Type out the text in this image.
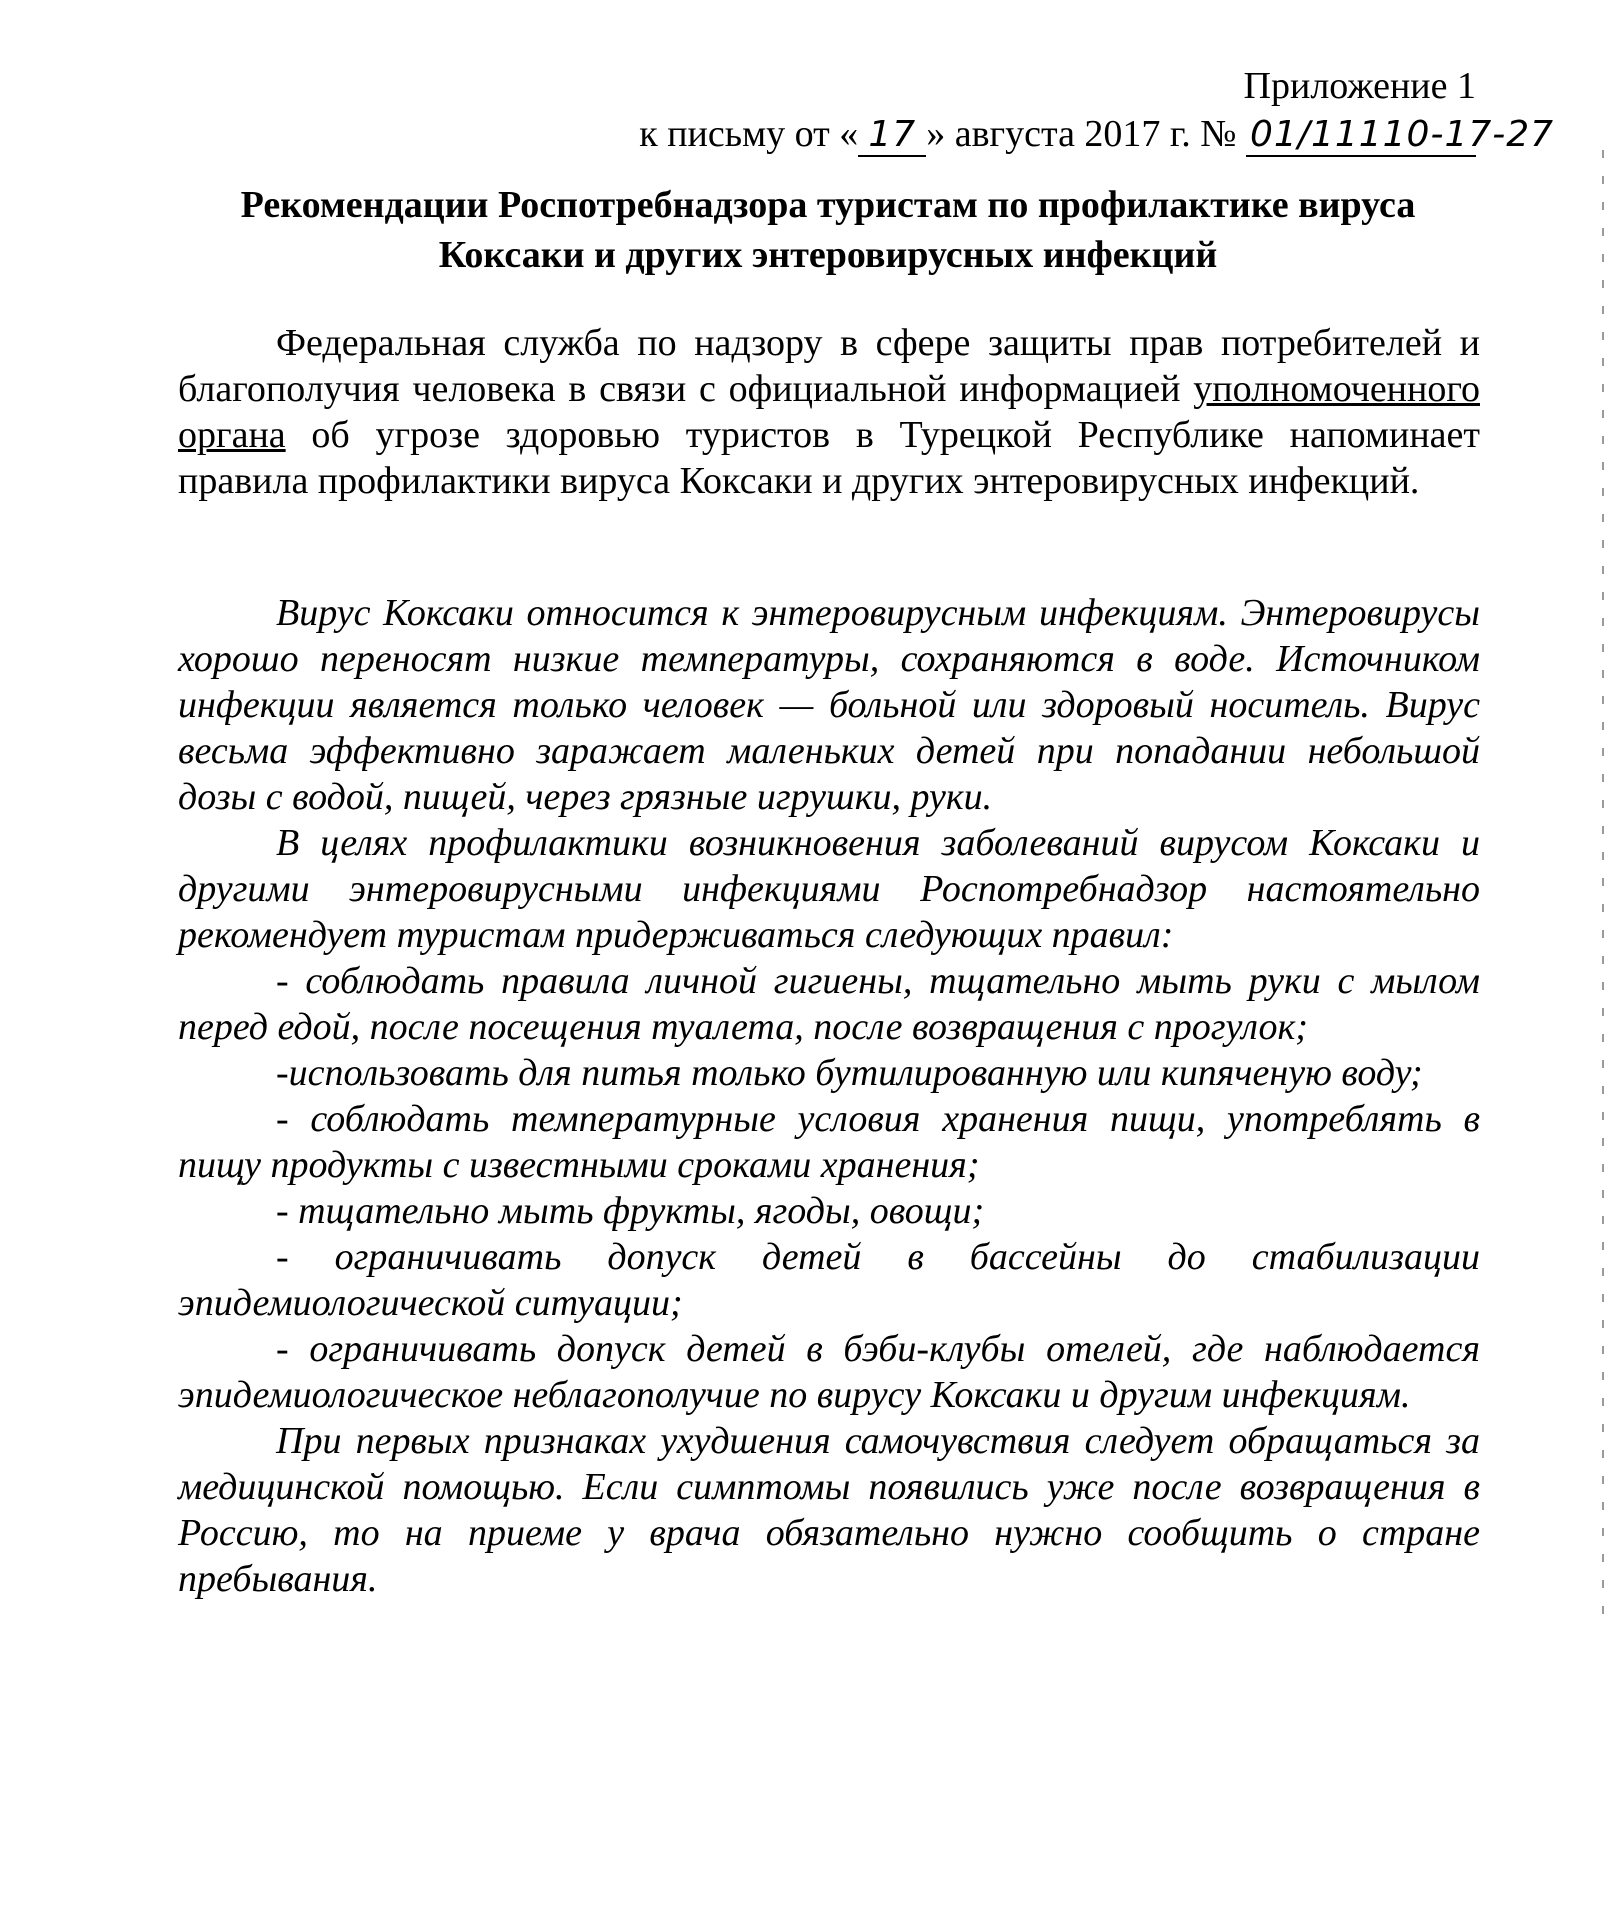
Приложение 1
к письму от « 17 » августа 2017 г. № 01/11110-17-27
Рекомендации Роспотребнадзора туристам по профилактике вируса
Коксаки и других энтеровирусных инфекций

Федеральная служба по надзору в сфере защиты прав потребителей и благополучия человека в связи с официальной информацией уполномоченного органа об угрозе здоровью туристов в Турецкой Республике напоминает правила профилактики вируса Коксаки и других энтеровирусных инфекций.

Вирус Коксаки относится к энтеровирусным инфекциям. Энтеровирусы хорошо переносят низкие температуры, сохраняются в воде. Источником инфекции является только человек — больной или здоровый носитель. Вирус весьма эффективно заражает маленьких детей при попадании небольшой дозы с водой, пищей, через грязные игрушки, руки.

В целях профилактики возникновения заболеваний вирусом Коксаки и другими энтеровирусными инфекциями Роспотребнадзор настоятельно рекомендует туристам придерживаться следующих правил:

- соблюдать правила личной гигиены, тщательно мыть руки с мылом перед едой, после посещения туалета, после возвращения с прогулок;

-использовать для питья только бутилированную или кипяченую воду;

- соблюдать температурные условия хранения пищи, употреблять в пищу продукты с известными сроками хранения;

- тщательно мыть фрукты, ягоды, овощи;

- ограничивать допуск детей в бассейны до стабилизации эпидемиологической ситуации;

- ограничивать допуск детей в бэби-клубы отелей, где наблюдается эпидемиологическое неблагополучие по вирусу Коксаки и другим инфекциям.

При первых признаках ухудшения самочувствия следует обращаться за медицинской помощью. Если симптомы появились уже после возвращения в Россию, то на приеме у врача обязательно нужно сообщить о стране пребывания.
